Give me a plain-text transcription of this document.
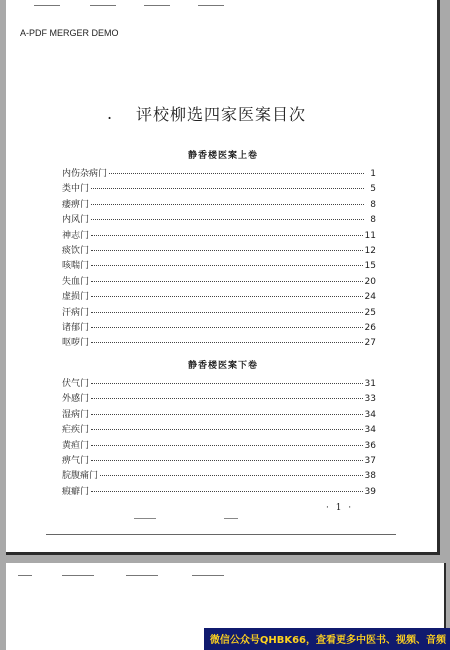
A-PDF MERGER DEMO
. 评校柳选四家医案目次
静香楼医案上卷
内伤杂病门	1
类中门	5
痿痹门	8
内风门	8
神志门	11
痰饮门	12
咳喘门	15
失血门	20
虚损门	24
汗病门	25
诸郁门	26
呕哕门	27
静香楼医案下卷
伏气门	31
外感门	33
湿病门	34
疟疾门	34
黄疸门	36
痹气门	37
脘腹痛门	38
瘕癖门	39
· 1 ·
微信公众号QHBK66，查看更多中医书、视频、音频
